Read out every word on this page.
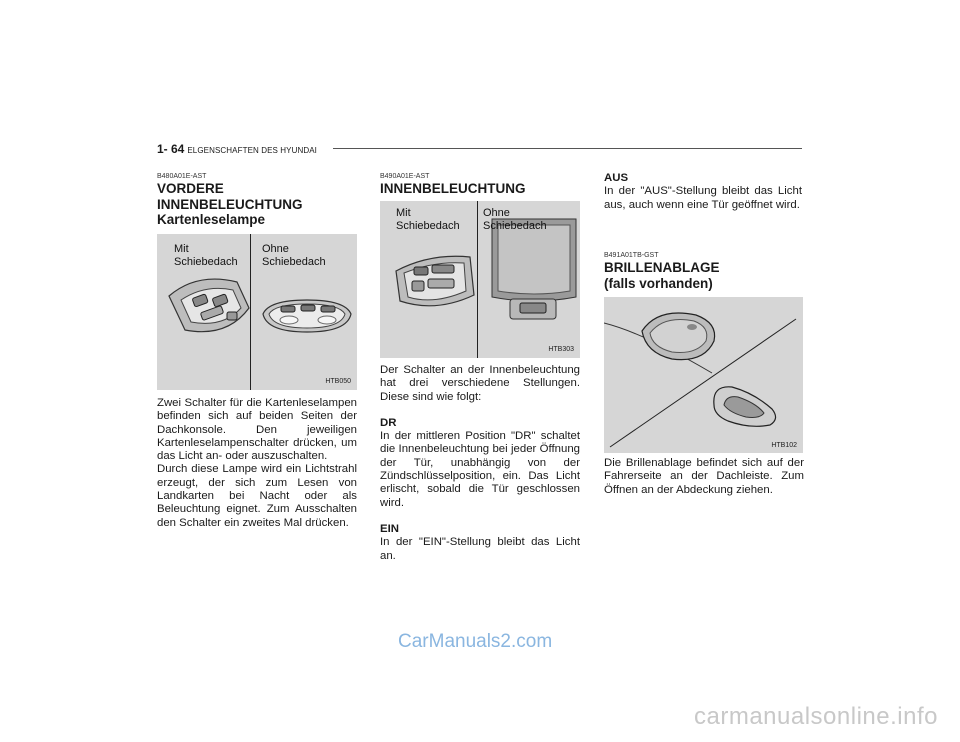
1- 64 ELGENSCHAFTEN DES HYUNDAI
B480A01E-AST
VORDERE
INNENBELEUCHTUNG
Kartenleselampe
Mit
Schiebedach
Ohne
Schiebedach
HTB050
Zwei Schalter für die Kartenleselampen befinden sich auf beiden Seiten der Dachkonsole. Den jeweiligen Kartenleselampenschalter drücken, um das Licht an- oder auszuschalten.
Durch diese Lampe wird ein Lichtstrahl erzeugt, der sich zum Lesen von Landkarten bei Nacht oder als Beleuchtung eignet. Zum Ausschalten den Schalter ein zweites Mal drücken.
B490A01E-AST
INNENBELEUCHTUNG
Mit
Schiebedach
Ohne
Schiebedach
HTB303
Der Schalter an der Innenbeleuchtung hat drei verschiedene Stellungen. Diese sind wie folgt:
DR
In der mittleren Position "DR" schaltet die Innenbeleuchtung bei jeder Öffnung der Tür, unabhängig von der Zündschlüsselposition, ein. Das Licht erlischt, sobald die Tür geschlossen wird.
EIN
In der "EIN"-Stellung bleibt das Licht an.
AUS
In der "AUS"-Stellung bleibt das Licht aus, auch wenn eine Tür geöffnet wird.
B491A01TB-GST
BRILLENABLAGE
(falls vorhanden)
HTB102
Die Brillenablage befindet sich auf der Fahrerseite an der Dachleiste. Zum Öffnen an der Abdeckung ziehen.
CarManuals2.com
carmanualsonline.info
